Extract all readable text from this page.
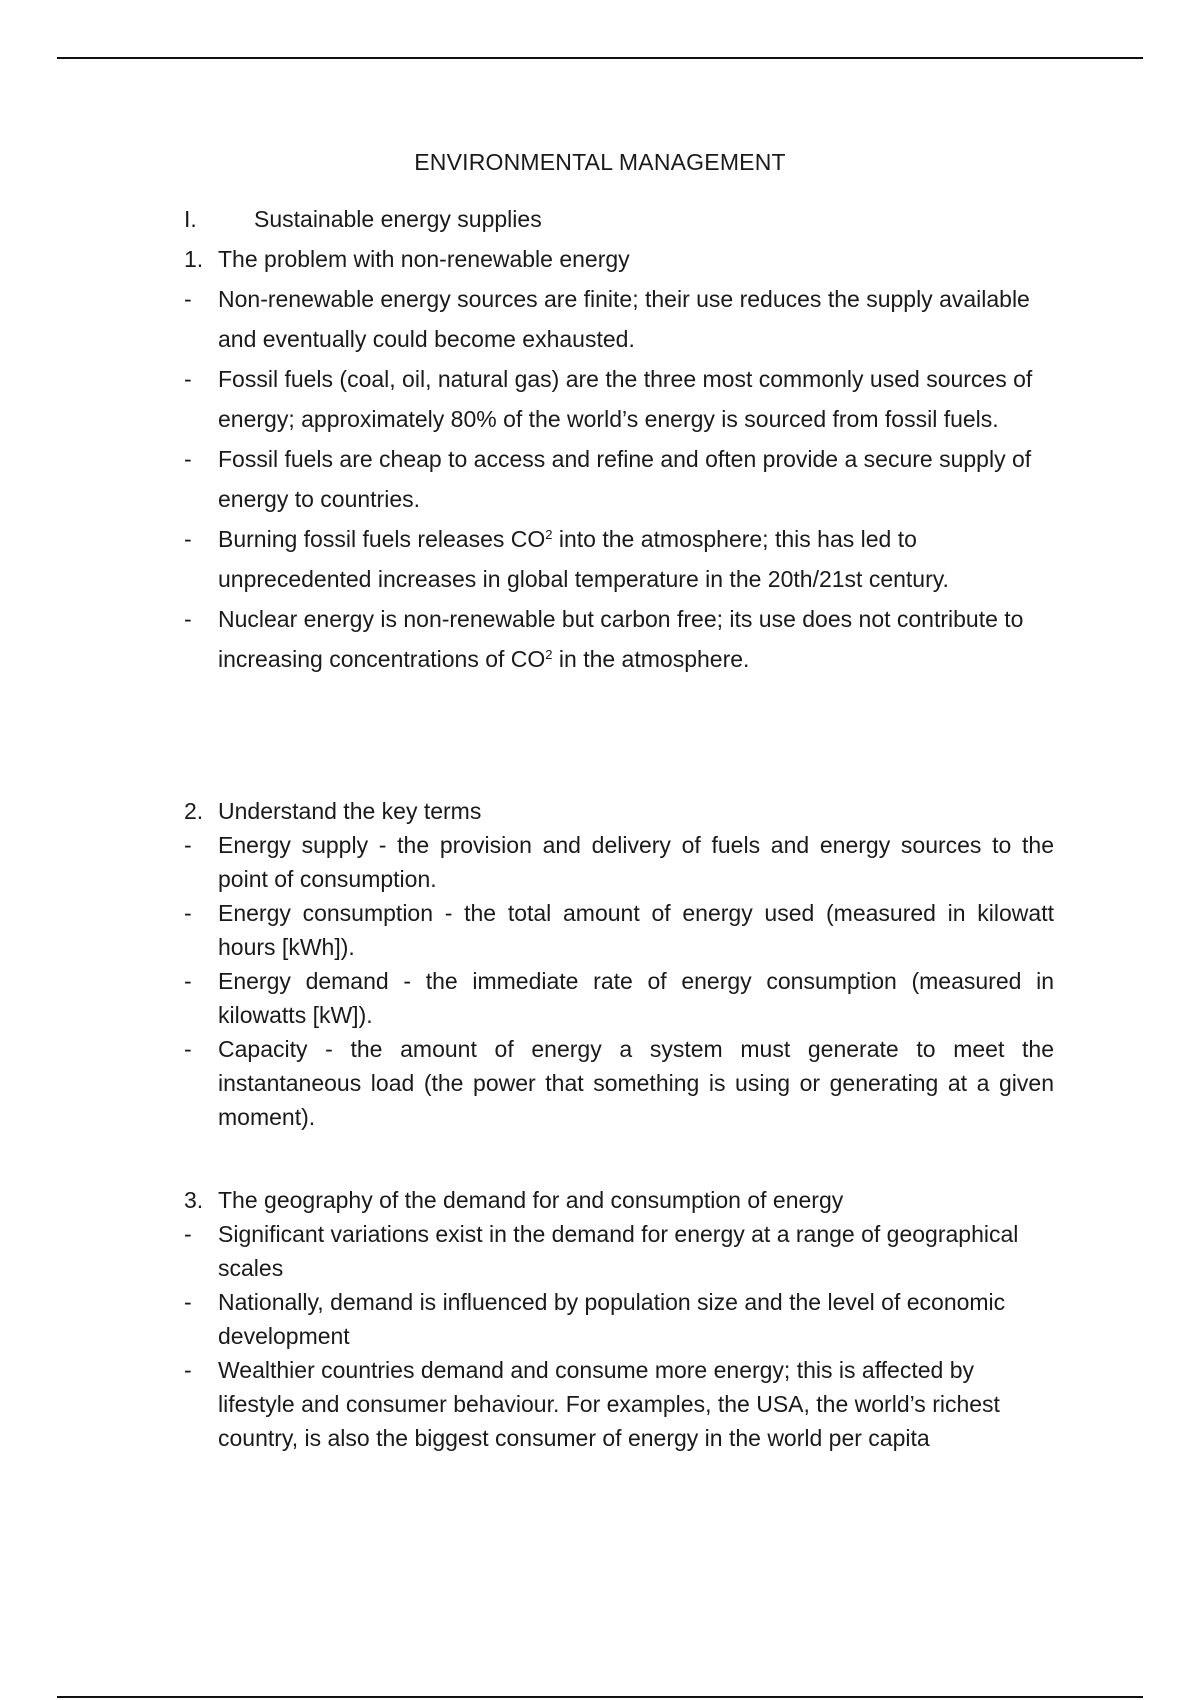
ENVIRONMENTAL MANAGEMENT
I.	Sustainable energy supplies
1. The problem with non-renewable energy
-	Non-renewable energy sources are finite; their use reduces the supply available and eventually could become exhausted.
-	Fossil fuels (coal, oil, natural gas) are the three most commonly used sources of energy; approximately 80% of the world’s energy is sourced from fossil fuels.
-	Fossil fuels are cheap to access and refine and often provide a secure supply of energy to countries.
-	Burning fossil fuels releases $CO^2$ into the atmosphere; this has led to unprecedented increases in global temperature in the 20th/21st century.
-	Nuclear energy is non-renewable but carbon free; its use does not contribute to increasing concentrations of $CO^2$ in the atmosphere.
2. Understand the key terms
-	Energy supply - the provision and delivery of fuels and energy sources to the point of consumption.
-	Energy consumption - the total amount of energy used (measured in kilowatt hours [kWh]).
-	Energy demand - the immediate rate of energy consumption (measured in kilowatts [kW]).
-	Capacity - the amount of energy a system must generate to meet the instantaneous load (the power that something is using or generating at a given moment).
3. The geography of the demand for and consumption of energy
-	Significant variations exist in the demand for energy at a range of geographical scales
-	Nationally, demand is influenced by population size and the level of economic development
-	Wealthier countries demand and consume more energy; this is affected by lifestyle and consumer behaviour. For examples, the USA, the world’s richest country, is also the biggest consumer of energy in the world per capita
